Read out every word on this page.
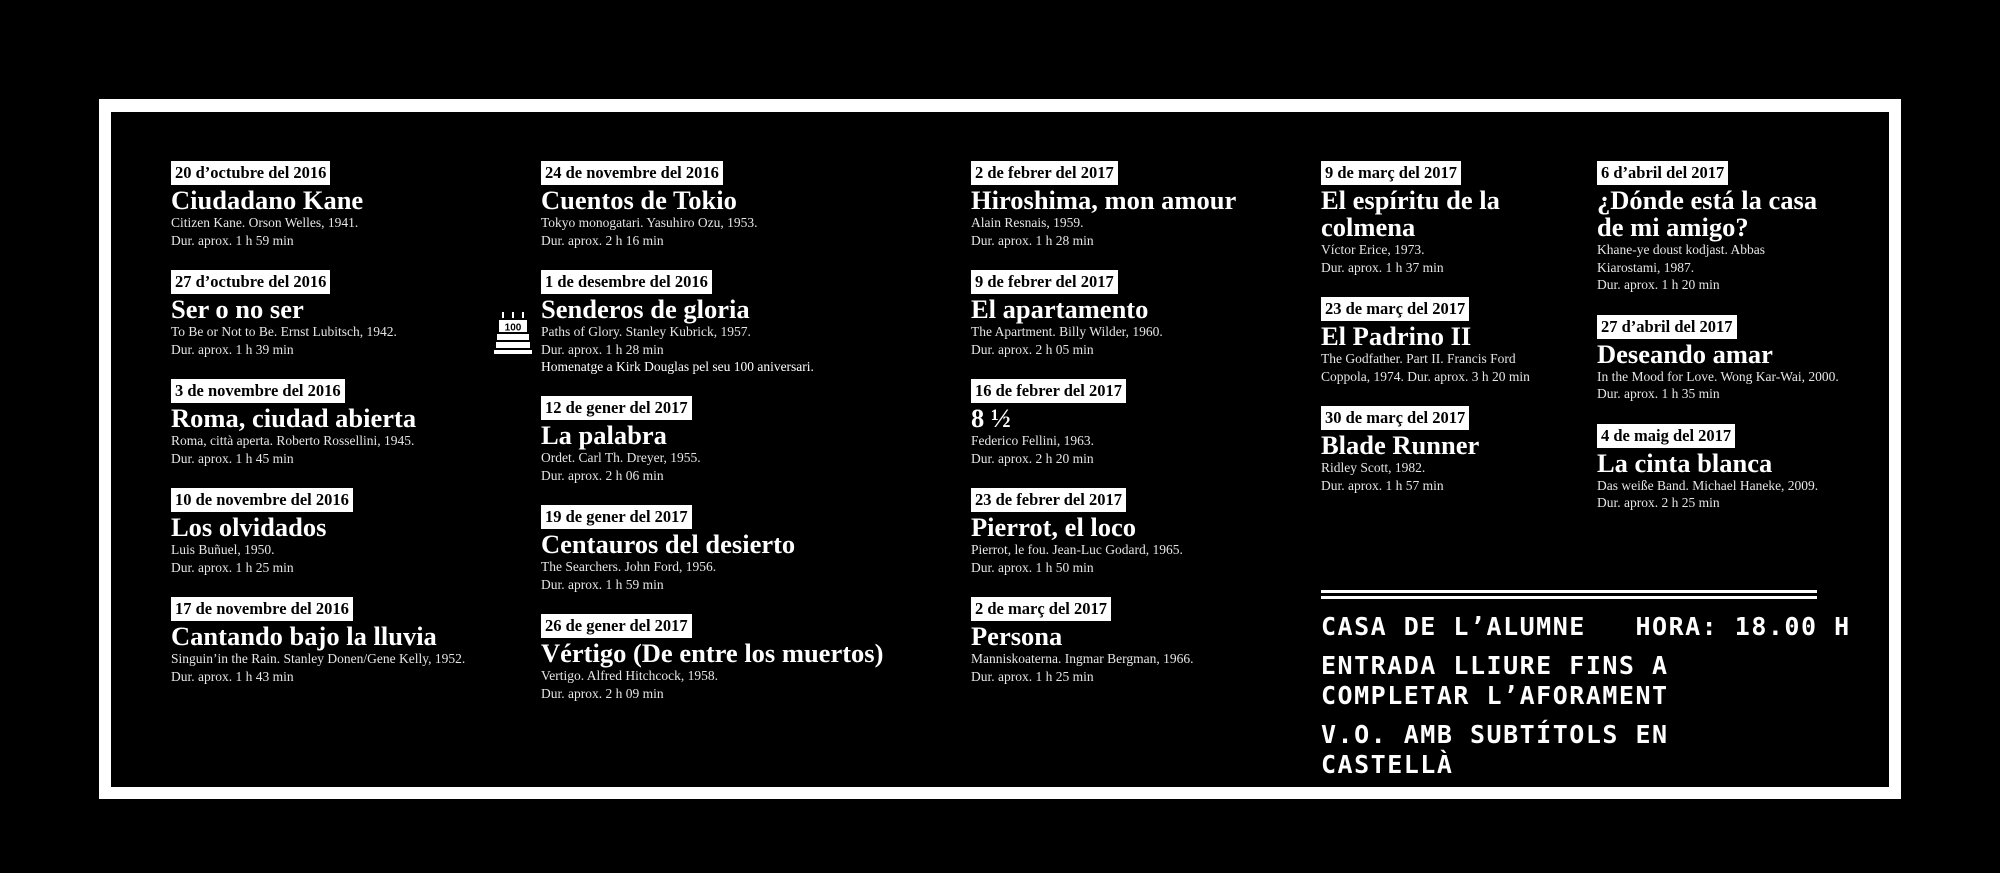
20 d’octubre del 2016
Ciudadano Kane
Citizen Kane. Orson Welles, 1941.
Dur. aprox. 1 h 59 min
27 d’octubre del 2016
Ser o no ser
To Be or Not to Be. Ernst Lubitsch, 1942.
Dur. aprox. 1 h 39 min
3 de novembre del 2016
Roma, ciudad abierta
Roma, città aperta. Roberto Rossellini, 1945.
Dur. aprox. 1 h 45 min
10 de novembre del 2016
Los olvidados
Luis Buñuel, 1950.
Dur. aprox. 1 h 25 min
17 de novembre del 2016
Cantando bajo la lluvia
Singuin’in the Rain. Stanley Donen/Gene Kelly, 1952.
Dur. aprox. 1 h 43 min
24 de novembre del 2016
Cuentos de Tokio
Tokyo monogatari. Yasuhiro Ozu, 1953.
Dur. aprox. 2 h 16 min
1 de desembre del 2016
Senderos de gloria
Paths of Glory. Stanley Kubrick, 1957.
Dur. aprox. 1 h 28 min
Homenatge a Kirk Douglas pel seu 100 aniversari.
100
12 de gener del 2017
La palabra
Ordet. Carl Th. Dreyer, 1955.
Dur. aprox. 2 h 06 min
19 de gener del 2017
Centauros del desierto
The Searchers. John Ford, 1956.
Dur. aprox. 1 h 59 min
26 de gener del 2017
Vértigo (De entre los muertos)
Vertigo. Alfred Hitchcock, 1958.
Dur. aprox. 2 h 09 min
2 de febrer del 2017
Hiroshima, mon amour
Alain Resnais, 1959.
Dur. aprox. 1 h 28 min
9 de febrer del 2017
El apartamento
The Apartment. Billy Wilder, 1960.
Dur. aprox. 2 h 05 min
16 de febrer del 2017
8 ½
Federico Fellini, 1963.
Dur. aprox. 2 h 20 min
23 de febrer del 2017
Pierrot, el loco
Pierrot, le fou. Jean-Luc Godard, 1965.
Dur. aprox. 1 h 50 min
2 de març del 2017
Persona
Manniskoaterna. Ingmar Bergman, 1966.
Dur. aprox. 1 h 25 min
9 de març del 2017
El espíritu de la colmena
Víctor Erice, 1973.
Dur. aprox. 1 h 37 min
23 de març del 2017
El Padrino II
The Godfather. Part II. Francis Ford Coppola, 1974. Dur. aprox. 3 h 20 min
30 de març del 2017
Blade Runner
Ridley Scott, 1982.
Dur. aprox. 1 h 57 min
6 d’abril del 2017
¿Dónde está la casa de mi amigo?
Khane-ye doust kodjast. Abbas Kiarostami, 1987.
Dur. aprox. 1 h 20 min
27 d’abril del 2017
Deseando amar
In the Mood for Love. Wong Kar-Wai, 2000.
Dur. aprox. 1 h 35 min
4 de maig del 2017
La cinta blanca
Das weiße Band. Michael Haneke, 2009.
Dur. aprox. 2 h 25 min
CASA DE L’ALUMNE   HORA: 18.00 H
ENTRADA LLIURE FINS A
COMPLETAR L’AFORAMENT
V.O. AMB SUBTÍTOLS EN CASTELLÀ
